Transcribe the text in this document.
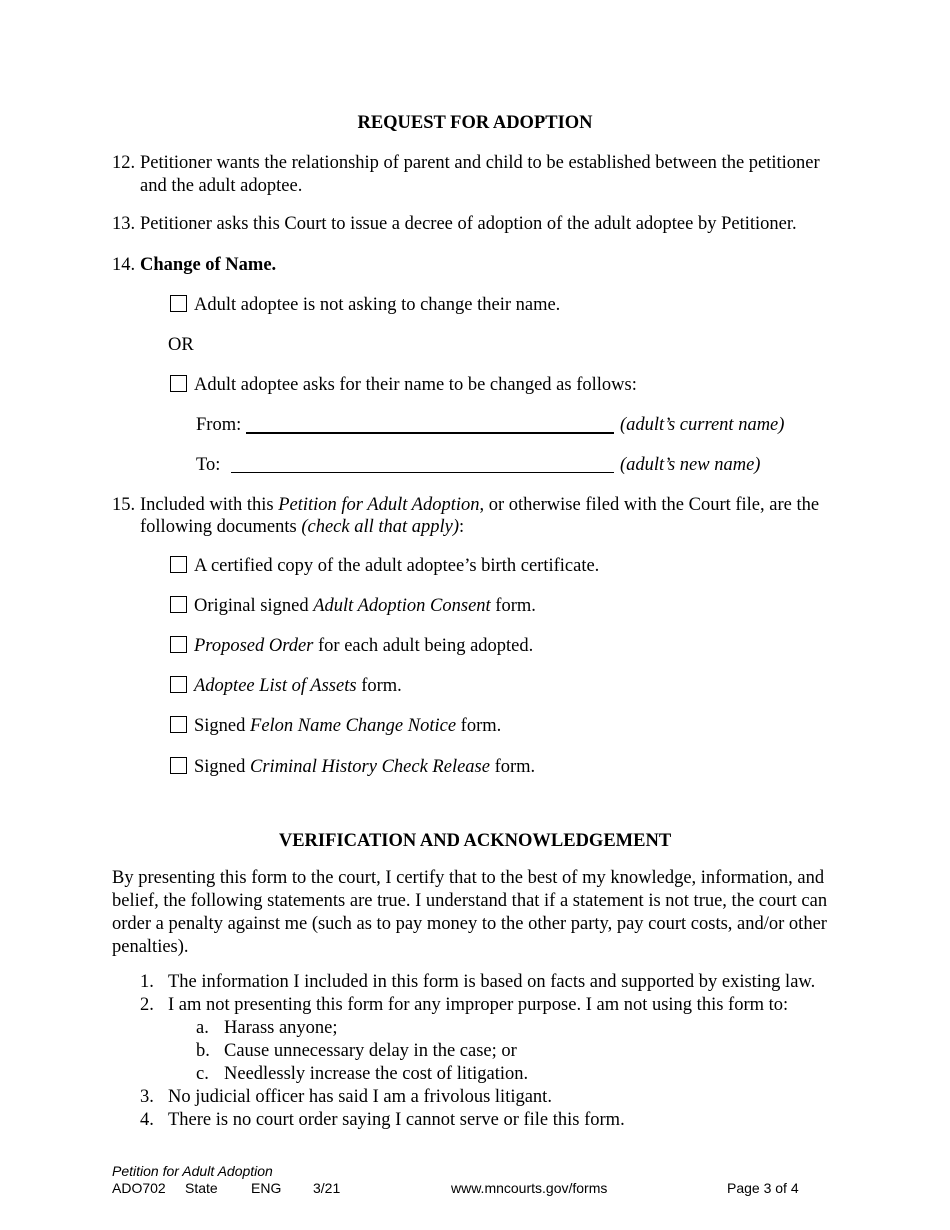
REQUEST FOR ADOPTION
12. Petitioner wants the relationship of parent and child to be established between the petitioner
and the adult adoptee.
13. Petitioner asks this Court to issue a decree of adoption of the adult adoptee by Petitioner.
14. Change of Name.
Adult adoptee is not asking to change their name.
OR
Adult adoptee asks for their name to be changed as follows:
From:	(adult’s current name)
To:	(adult’s new name)
15. Included with this Petition for Adult Adoption, or otherwise filed with the Court file, are the
following documents (check all that apply):
A certified copy of the adult adoptee’s birth certificate.
Original signed Adult Adoption Consent form.
Proposed Order for each adult being adopted.
Adoptee List of Assets form.
Signed Felon Name Change Notice form.
Signed Criminal History Check Release form.
VERIFICATION AND ACKNOWLEDGEMENT
By presenting this form to the court, I certify that to the best of my knowledge, information, and
belief, the following statements are true. I understand that if a statement is not true, the court can
order a penalty against me (such as to pay money to the other party, pay court costs, and/or other
penalties).
1. The information I included in this form is based on facts and supported by existing law.
2. I am not presenting this form for any improper purpose. I am not using this form to:
a. Harass anyone;
b. Cause unnecessary delay in the case; or
c. Needlessly increase the cost of litigation.
3. No judicial officer has said I am a frivolous litigant.
4. There is no court order saying I cannot serve or file this form.
Petition for Adult Adoption
ADO702 State ENG 3/21	www.mncourts.gov/forms	Page 3 of 4
